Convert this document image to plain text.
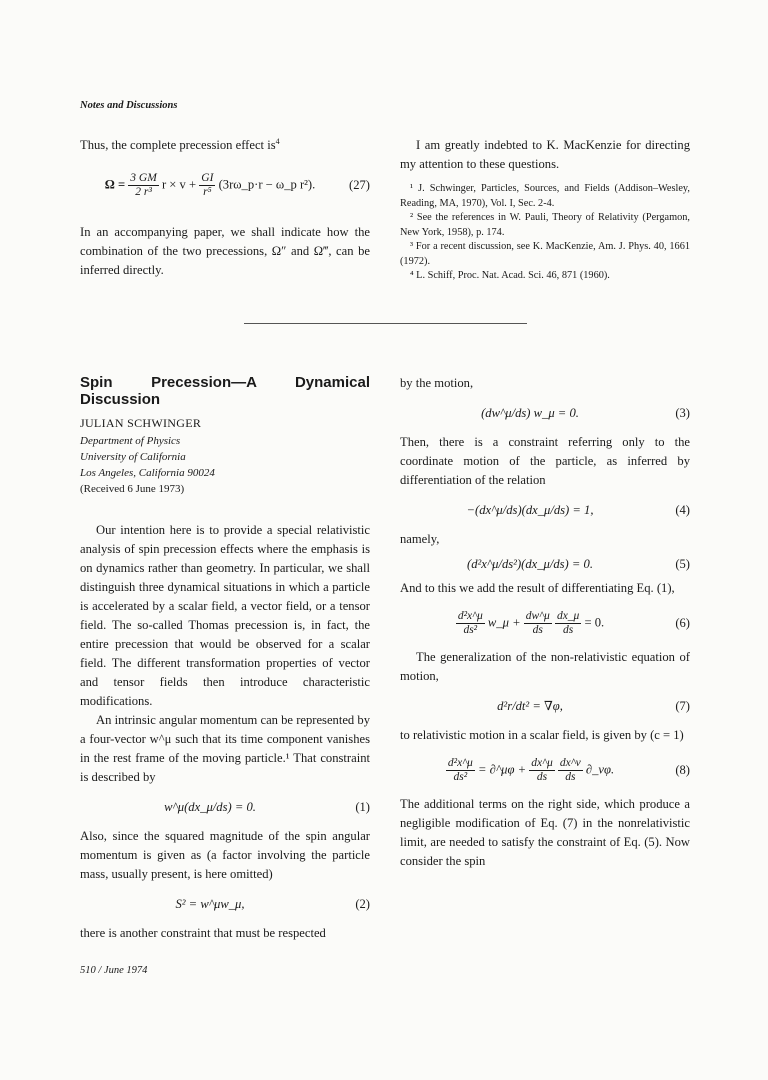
Notes and Discussions

Thus, the complete precession effect $is^4$

$\Omega = \frac{3 GM}{\text{2 r³}}$ $r \times v + \frac{GI}{\text{r⁵}}$ (3rω_p·r − ω_p r²).	(27)

In an accompanying paper, we shall indicate how the combination of the two precessions, Ω″ and Ω‴, can be inferred directly.

I am greatly indebted to K. MacKenzie for directing my attention to these questions.

¹ J. Schwinger, Particles, Sources, and Fields (Addison–Wesley, Reading, MA, 1970), Vol. I, Sec. 2-4.

² See the references in W. Pauli, Theory of Relativity (Pergamon, New York, 1958), p. 174.

³ For a recent discussion, see K. MacKenzie, Am. J. Phys. 40, 1661 (1972).

⁴ L. Schiff, Proc. Nat. Acad. Sci. 46, 871 (1960).

Spin Precession—A Dynamical Discussion

JULIAN SCHWINGER
Department of Physics
University of California
Los Angeles, California 90024
(Received 6 June 1973)

Our intention here is to provide a special relativistic analysis of spin precession effects where the emphasis is on dynamics rather than geometry. In particular, we shall distinguish three dynamical situations in which a particle is accelerated by a scalar field, a vector field, or a tensor field. The so-called Thomas precession is, in fact, the entire precession that would be observed for a scalar field. The different transformation properties of vector and tensor fields then introduce characteristic modifications.

An intrinsic angular momentum can be represented by a four-vector w^μ such that its time component vanishes in the rest frame of the moving particle.¹ That constraint is described by

w^μ(dx_μ/ds) = 0.	(1)

Also, since the squared magnitude of the spin angular momentum is given as (a factor involving the particle mass, usually present, is here omitted)

S² = w^μw_μ,	(2)

there is another constraint that must be respected

by the motion,

(dw^μ/ds) w_μ = 0.	(3)

Then, there is a constraint referring only to the coordinate motion of the particle, as inferred by differentiation of the relation

−(dx^μ/ds)(dx_μ/ds) = 1,	(4)

namely,

(d²x^μ/ds²)(dx_μ/ds) = 0.	(5)

And to this we add the result of differentiating Eq. (1),

$\frac{\text{d²x\textasciicircum{}μ}}{\text{ds²}}$ w_μ + $\frac{dw\^{}\mu}{ds}$
$\frac{dx\_\mu}{ds} = 0$.	(6)

The generalization of the non-relativistic equation of motion,

d²r/dt² = ∇φ,	(7)

to relativistic motion in a scalar field, is given by (c = 1)

$\frac{\text{d²x\textasciicircum{}μ}}{\text{ds²}}$ = ∂^μφ + $\frac{dx\^{}\mu}{ds}$
$\frac{dx\^{}\nu}{ds}$ ∂_νφ.	(8)

The additional terms on the right side, which produce a negligible modification of Eq. (7) in the nonrelativistic limit, are needed to satisfy the constraint of Eq. (5). Now consider the spin

510 / June 1974
